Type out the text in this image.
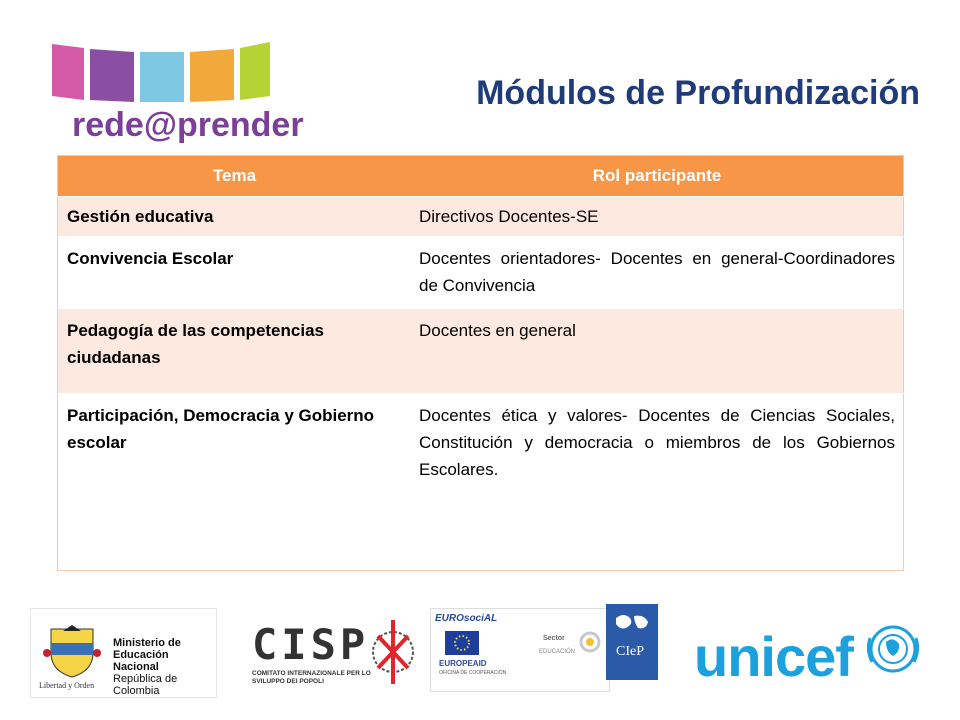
rede@prender
Módulos de Profundización
Tema	Rol participante
Gestión educativa	Directivos Docentes-SE
Convivencia Escolar	Docentes orientadores- Docentes en general-Coordinadores de Convivencia
Pedagogía de las competencias ciudadanas	Docentes en general
Participación, Democracia y Gobierno escolar	Docentes ética y valores- Docentes de Ciencias Sociales, Constitución y democracia o miembros de los Gobiernos Escolares.
Ministerio de
Educación Nacional
República de Colombia
Libertad y Orden
CISP
COMITATO INTERNAZIONALE PER LO
SVILUPPO DEI POPOLI
EUROsociAL
EUROPEAID
OFICINA DE COOPERACIÓN
Sector
EDUCACIÓN	CIeP unicef
